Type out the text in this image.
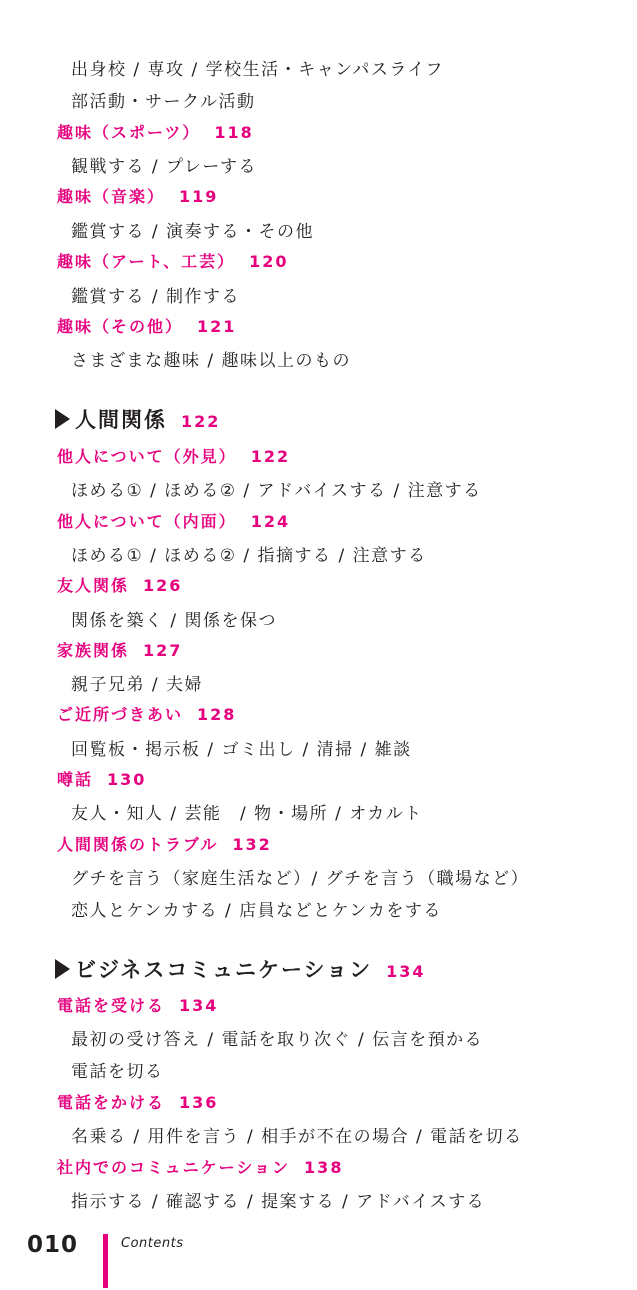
出身校 / 専攻 / 学校生活・キャンパスライフ
部活動・サークル活動
趣味（スポーツ） 118
観戦する / プレーする
趣味（音楽） 119
鑑賞する / 演奏する・その他
趣味（アート、工芸） 120
鑑賞する / 制作する
趣味（その他） 121
さまざまな趣味 / 趣味以上のもの
人間関係 122
他人について（外見） 122
ほめる① / ほめる② / アドバイスする / 注意する
他人について（内面） 124
ほめる① / ほめる② / 指摘する / 注意する
友人関係 126
関係を築く / 関係を保つ
家族関係 127
親子兄弟 / 夫婦
ご近所づきあい 128
回覧板・掲示板 / ゴミ出し / 清掃 / 雑談
噂話 130
友人・知人 / 芸能　/ 物・場所 / オカルト
人間関係のトラブル 132
グチを言う（家庭生活など）/ グチを言う（職場など）
恋人とケンカする / 店員などとケンカをする
ビジネスコミュニケーション 134
電話を受ける 134
最初の受け答え / 電話を取り次ぐ / 伝言を預かる
電話を切る
電話をかける 136
名乗る / 用件を言う / 相手が不在の場合 / 電話を切る
社内でのコミュニケーション 138
指示する / 確認する / 提案する / アドバイスする
010	Contents
